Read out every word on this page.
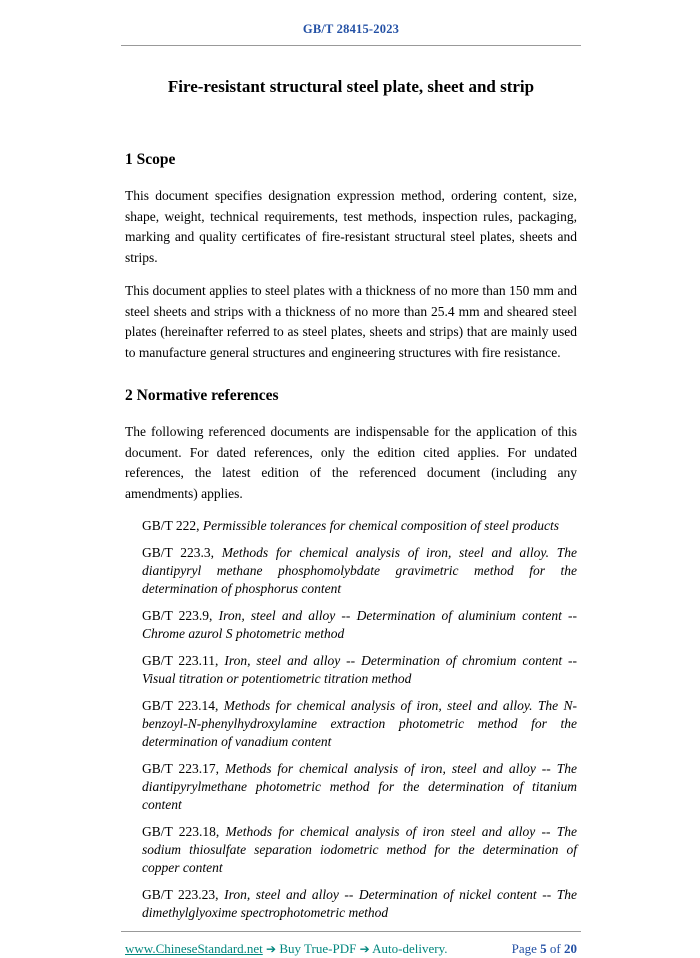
GB/T 28415-2023
Fire-resistant structural steel plate, sheet and strip
1 Scope

This document specifies designation expression method, ordering content, size, shape, weight, technical requirements, test methods, inspection rules, packaging, marking and quality certificates of fire-resistant structural steel plates, sheets and strips.

This document applies to steel plates with a thickness of no more than 150 mm and steel sheets and strips with a thickness of no more than 25.4 mm and sheared steel plates (hereinafter referred to as steel plates, sheets and strips) that are mainly used to manufacture general structures and engineering structures with fire resistance.

2 Normative references

The following referenced documents are indispensable for the application of this document. For dated references, only the edition cited applies. For undated references, the latest edition of the referenced document (including any amendments) applies.

GB/T 222, Permissible tolerances for chemical composition of steel products

GB/T 223.3, Methods for chemical analysis of iron, steel and alloy. The diantipyryl methane phosphomolybdate gravimetric method for the determination of phosphorus content

GB/T 223.9, Iron, steel and alloy -- Determination of aluminium content -- Chrome azurol S photometric method

GB/T 223.11, Iron, steel and alloy -- Determination of chromium content -- Visual titration or potentiometric titration method

GB/T 223.14, Methods for chemical analysis of iron, steel and alloy. The N-benzoyl-N-phenylhydroxylamine extraction photometric method for the determination of vanadium content

GB/T 223.17, Methods for chemical analysis of iron, steel and alloy -- The diantipyrylmethane photometric method for the determination of titanium content

GB/T 223.18, Methods for chemical analysis of iron steel and alloy -- The sodium thiosulfate separation iodometric method for the determination of copper content

GB/T 223.23, Iron, steel and alloy -- Determination of nickel content -- The dimethylglyoxime spectrophotometric method

www.ChineseStandard.net ➔ Buy True-PDF ➔ Auto-delivery.	Page 5 of 20
